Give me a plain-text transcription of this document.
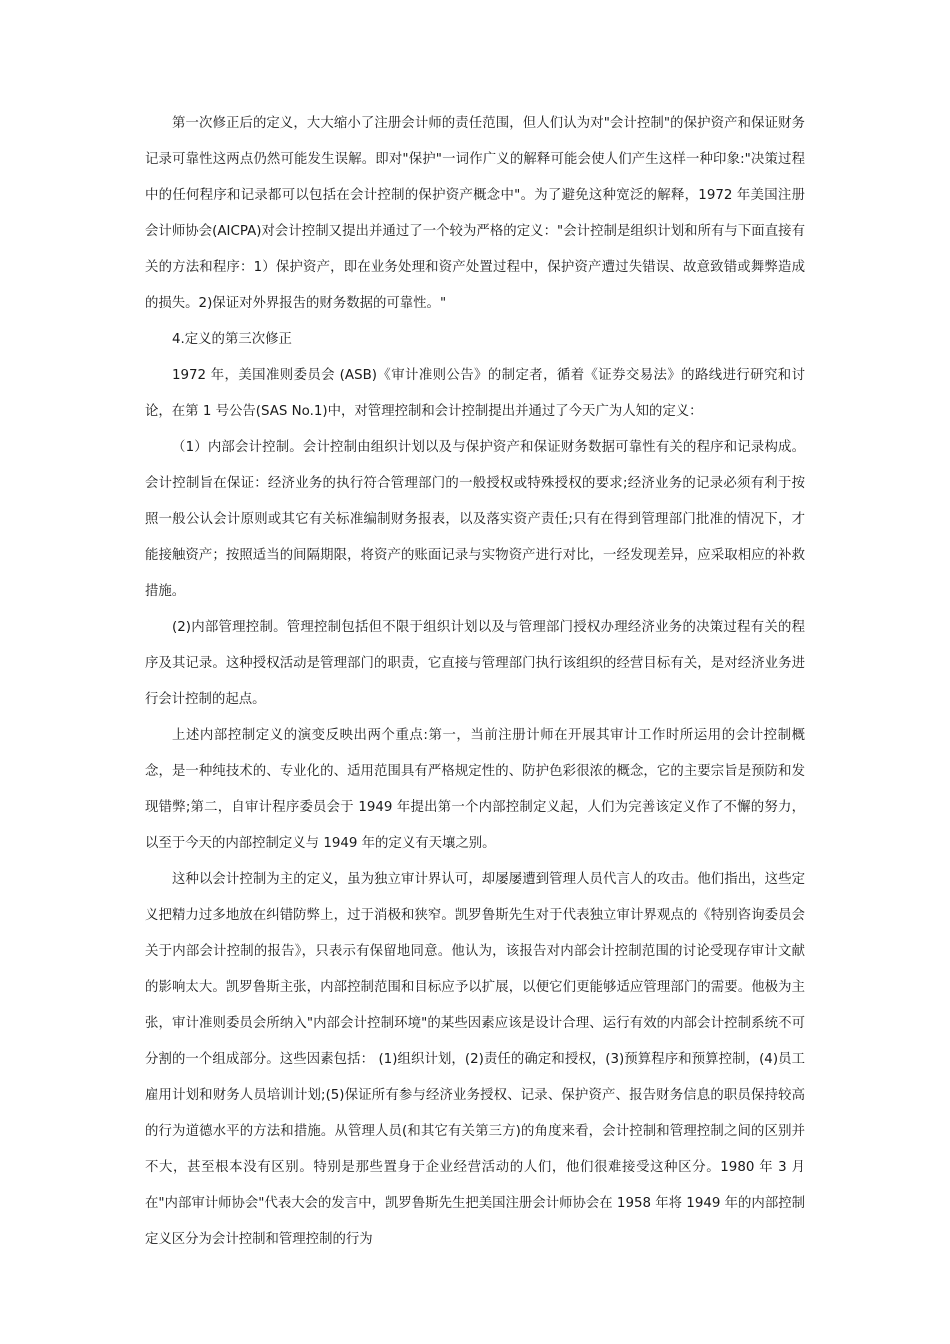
第一次修正后的定义，大大缩小了注册会计师的责任范围，但人们认为对"会计控制"的保护资产和保证财务记录可靠性这两点仍然可能发生误解。即对"保护"一词作广义的解释可能会使人们产生这样一种印象:"决策过程中的任何程序和记录都可以包括在会计控制的保护资产概念中"。为了避免这种宽泛的解释，1972 年美国注册会计师协会(AICPA)对会计控制又提出并通过了一个较为严格的定义："会计控制是组织计划和所有与下面直接有关的方法和程序：1）保护资产，即在业务处理和资产处置过程中，保护资产遭过失错误、故意致错或舞弊造成的损失。2)保证对外界报吿的财务数据的可靠性。"

4.定义的第三次修正

1972 年，美国准则委员会 (ASB)《审计准则公告》的制定者，循着《证券交易法》的路线进行研究和讨论，在第 1 号公告(SAS No.1)中，对管理控制和会计控制提出并通过了今天广为人知的定义：

（1）内部会计控制。会计控制由组织计划以及与保护资产和保证财务数据可靠性有关的程序和记录构成。会计控制旨在保证：经济业务的执行符合管理部门的一般授权或特殊授权的要求;经济业务的记录必须有利于按照一般公认会计原则或其它有关标准编制财务报表，以及落实资产责任;只有在得到管理部门批准的情况下，才能接触资产；按照适当的间隔期限，将资产的账面记录与实物资产进行对比，一经发现差异，应采取相应的补救措施。

(2)内部管理控制。管理控制包括但不限于组织计划以及与管理部门授权办理经济业务的决策过程有关的程序及其记录。这种授权活动是管理部门的职责，它直接与管理部门执行该组织的经营目标有关，是对经济业务进行会计控制的起点。

上述内部控制定义的演变反映出两个重点:第一，当前注册计师在开展其审计工作时所运用的会计控制概念，是一种纯技术的、专业化的、适用范围具有严格规定性的、防护色彩很浓的概念，它的主要宗旨是预防和发现错弊;第二，自审计程序委员会于 1949 年提出第一个内部控制定义起，人们为完善该定义作了不懈的努力，以至于今天的内部控制定义与 1949 年的定义有天壤之别。

这种以会计控制为主的定义，虽为独立审计界认可，却屡屡遭到管理人员代言人的攻击。他们指出，这些定义把精力过多地放在纠错防弊上，过于消极和狭窄。凯罗鲁斯先生对于代表独立审计界观点的《特别咨询委员会关于内部会计控制的报告》，只表示有保留地同意。他认为，该报告对内部会计控制范围的讨论受现存审计文献的影响太大。凯罗鲁斯主张，内部控制范围和目标应予以扩展，以便它们更能够适应管理部门的需要。他极为主张，审计准则委员会所纳入"内部会计控制环境"的某些因素应该是设计合理、运行有效的内部会计控制系统不可分割的一个组成部分。这些因素包括： (1)组织计划，(2)责任的确定和授权，(3)预算程序和预算控制，(4)员工雇用计划和财务人员培训计划;(5)保证所有参与经济业务授权、记录、保护资产、报告财务信息的职员保持较高的行为道德水平的方法和措施。从管理人员(和其它有关第三方)的角度来看，会计控制和管理控制之间的区别并不大，甚至根本没有区别。特别是那些置身于企业经营活动的人们，他们很难接受这种区分。1980 年 3 月在"内部审计师协会"代表大会的发言中，凯罗鲁斯先生把美国注册会计师协会在 1958 年将 1949 年的内部控制定义区分为会计控制和管理控制的行为
